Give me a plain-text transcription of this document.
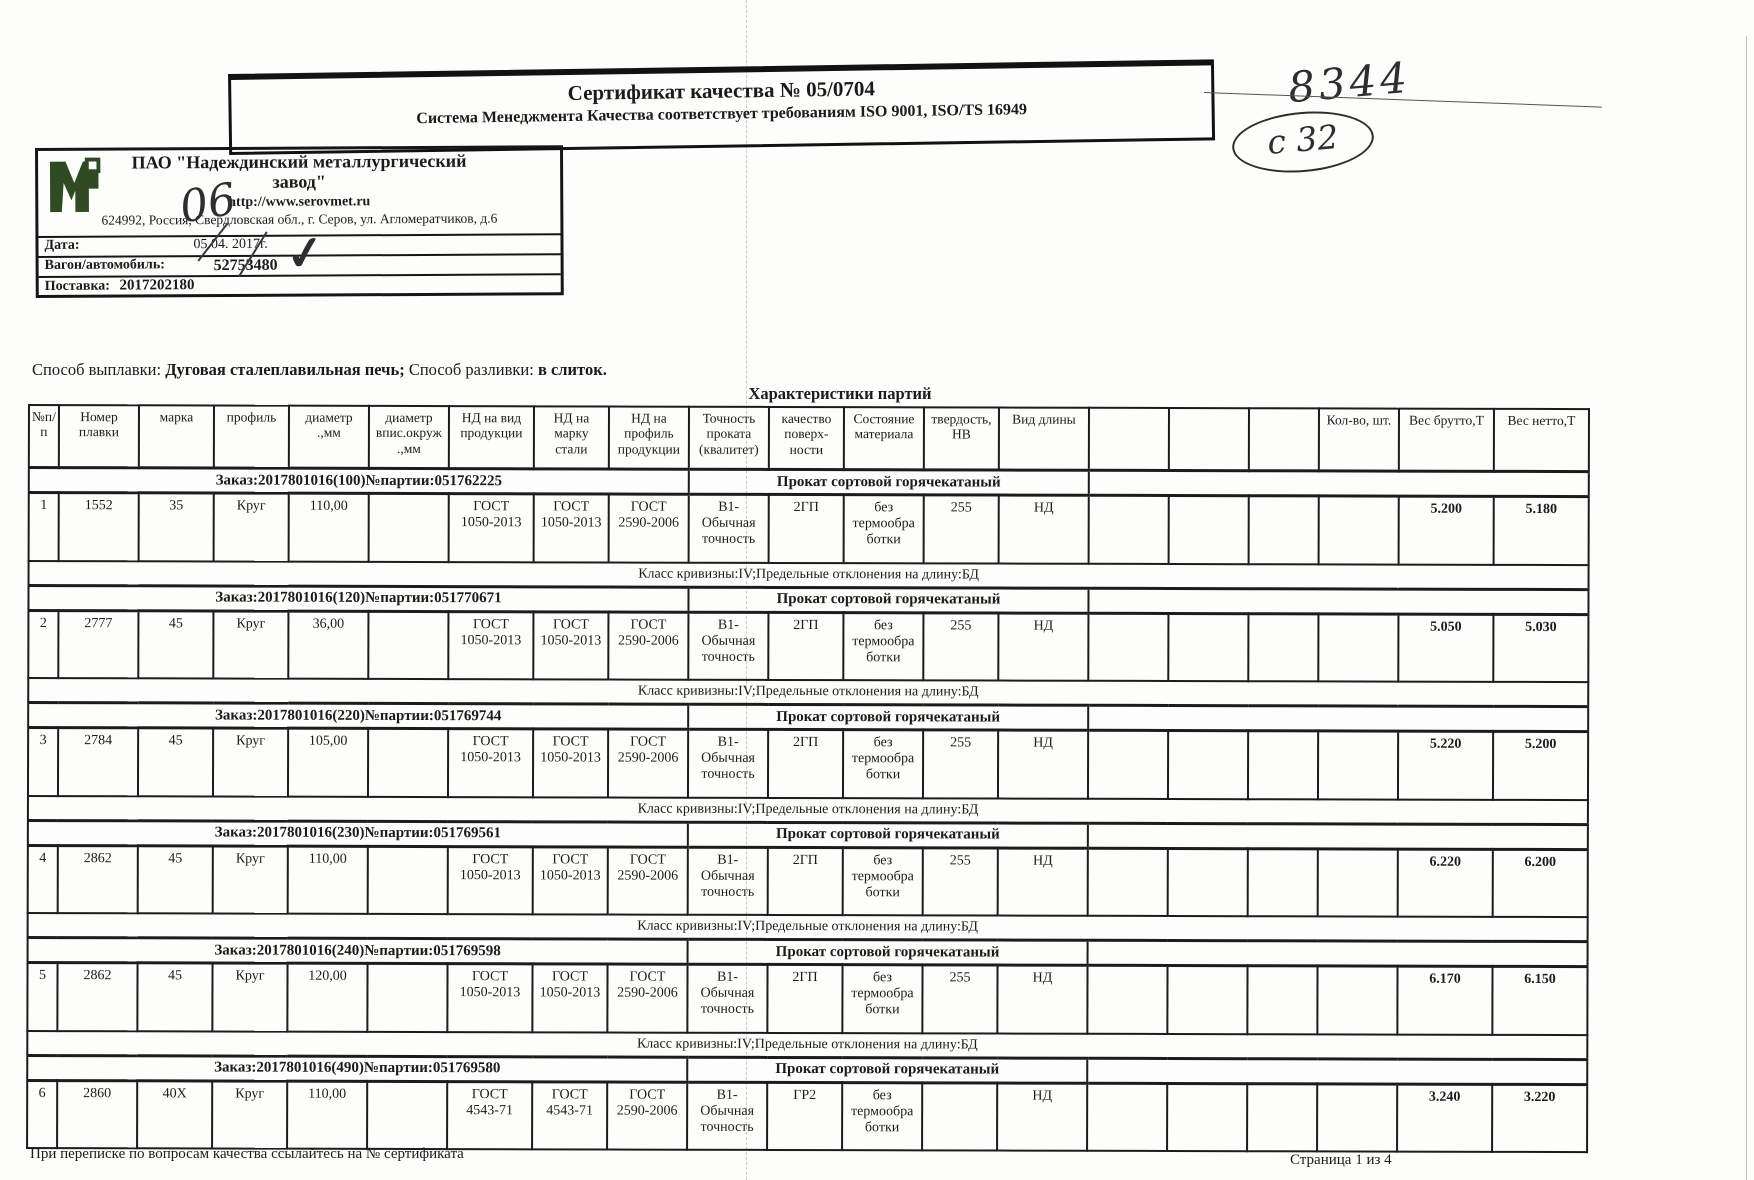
Сертификат качества № 05/0704
Система Менеджмента Качества соответствует требованиям ISO 9001, ISO/TS 16949
ПАО "Надеждинский металлургический
завод"
http://www.serovmet.ru
624992, Россия, Свердловская обл., г. Серов, ул. Агломератчиков, д.6
Дата:	05.04. 2017г.
Вагон/автомобиль:	52753480
Поставка: 2017202180
8344
с 32
06
✓
Способ выплавки: Дуговая сталеплавильная печь; Способ разливки: в слиток.
Характеристики партий
№п/
п	Номер
плавки	марка	профиль	диаметр
.,мм	диаметр
впис.окруж
.,мм	НД на вид
продукции	НД на
марку
стали	НД на
профиль
продукции	Точность
проката
(квалитет)	качество
поверх-
ности	Состояние
материала	твердость,
НВ	Вид длины				Кол-во, шт.	Вес брутто,Т	Вес нетто,Т
Заказ:2017801016(100)№партии:051762225									Прокат сортовой горячекатаный										
1	1552	35	Круг	110,00		ГОСТ
1050-2013	ГОСТ
1050-2013	ГОСТ
2590-2006	В1-
Обычная
точность	2ГП	без
термообра
ботки	255	НД					5.200	5.180
Класс кривизны:IV;Предельные отклонения на длину:БД																			
Заказ:2017801016(120)№партии:051770671									Прокат сортовой горячекатаный										
2	2777	45	Круг	36,00		ГОСТ
1050-2013	ГОСТ
1050-2013	ГОСТ
2590-2006	В1-
Обычная
точность	2ГП	без
термообра
ботки	255	НД					5.050	5.030
Класс кривизны:IV;Предельные отклонения на длину:БД																			
Заказ:2017801016(220)№партии:051769744									Прокат сортовой горячекатаный										
3	2784	45	Круг	105,00		ГОСТ
1050-2013	ГОСТ
1050-2013	ГОСТ
2590-2006	В1-
Обычная
точность	2ГП	без
термообра
ботки	255	НД					5.220	5.200
Класс кривизны:IV;Предельные отклонения на длину:БД																			
Заказ:2017801016(230)№партии:051769561									Прокат сортовой горячекатаный										
4	2862	45	Круг	110,00		ГОСТ
1050-2013	ГОСТ
1050-2013	ГОСТ
2590-2006	В1-
Обычная
точность	2ГП	без
термообра
ботки	255	НД					6.220	6.200
Класс кривизны:IV;Предельные отклонения на длину:БД																			
Заказ:2017801016(240)№партии:051769598									Прокат сортовой горячекатаный										
5	2862	45	Круг	120,00		ГОСТ
1050-2013	ГОСТ
1050-2013	ГОСТ
2590-2006	В1-
Обычная
точность	2ГП	без
термообра
ботки	255	НД					6.170	6.150
Класс кривизны:IV;Предельные отклонения на длину:БД																			
Заказ:2017801016(490)№партии:051769580									Прокат сортовой горячекатаный										
6	2860	40Х	Круг	110,00		ГОСТ
4543-71	ГОСТ
4543-71	ГОСТ
2590-2006	В1-
Обычная
точность	ГР2	без
термообра
ботки		НД					3.240	3.220
При переписке по вопросам качества ссылайтесь на № сертификата	Страница 1 из 4
